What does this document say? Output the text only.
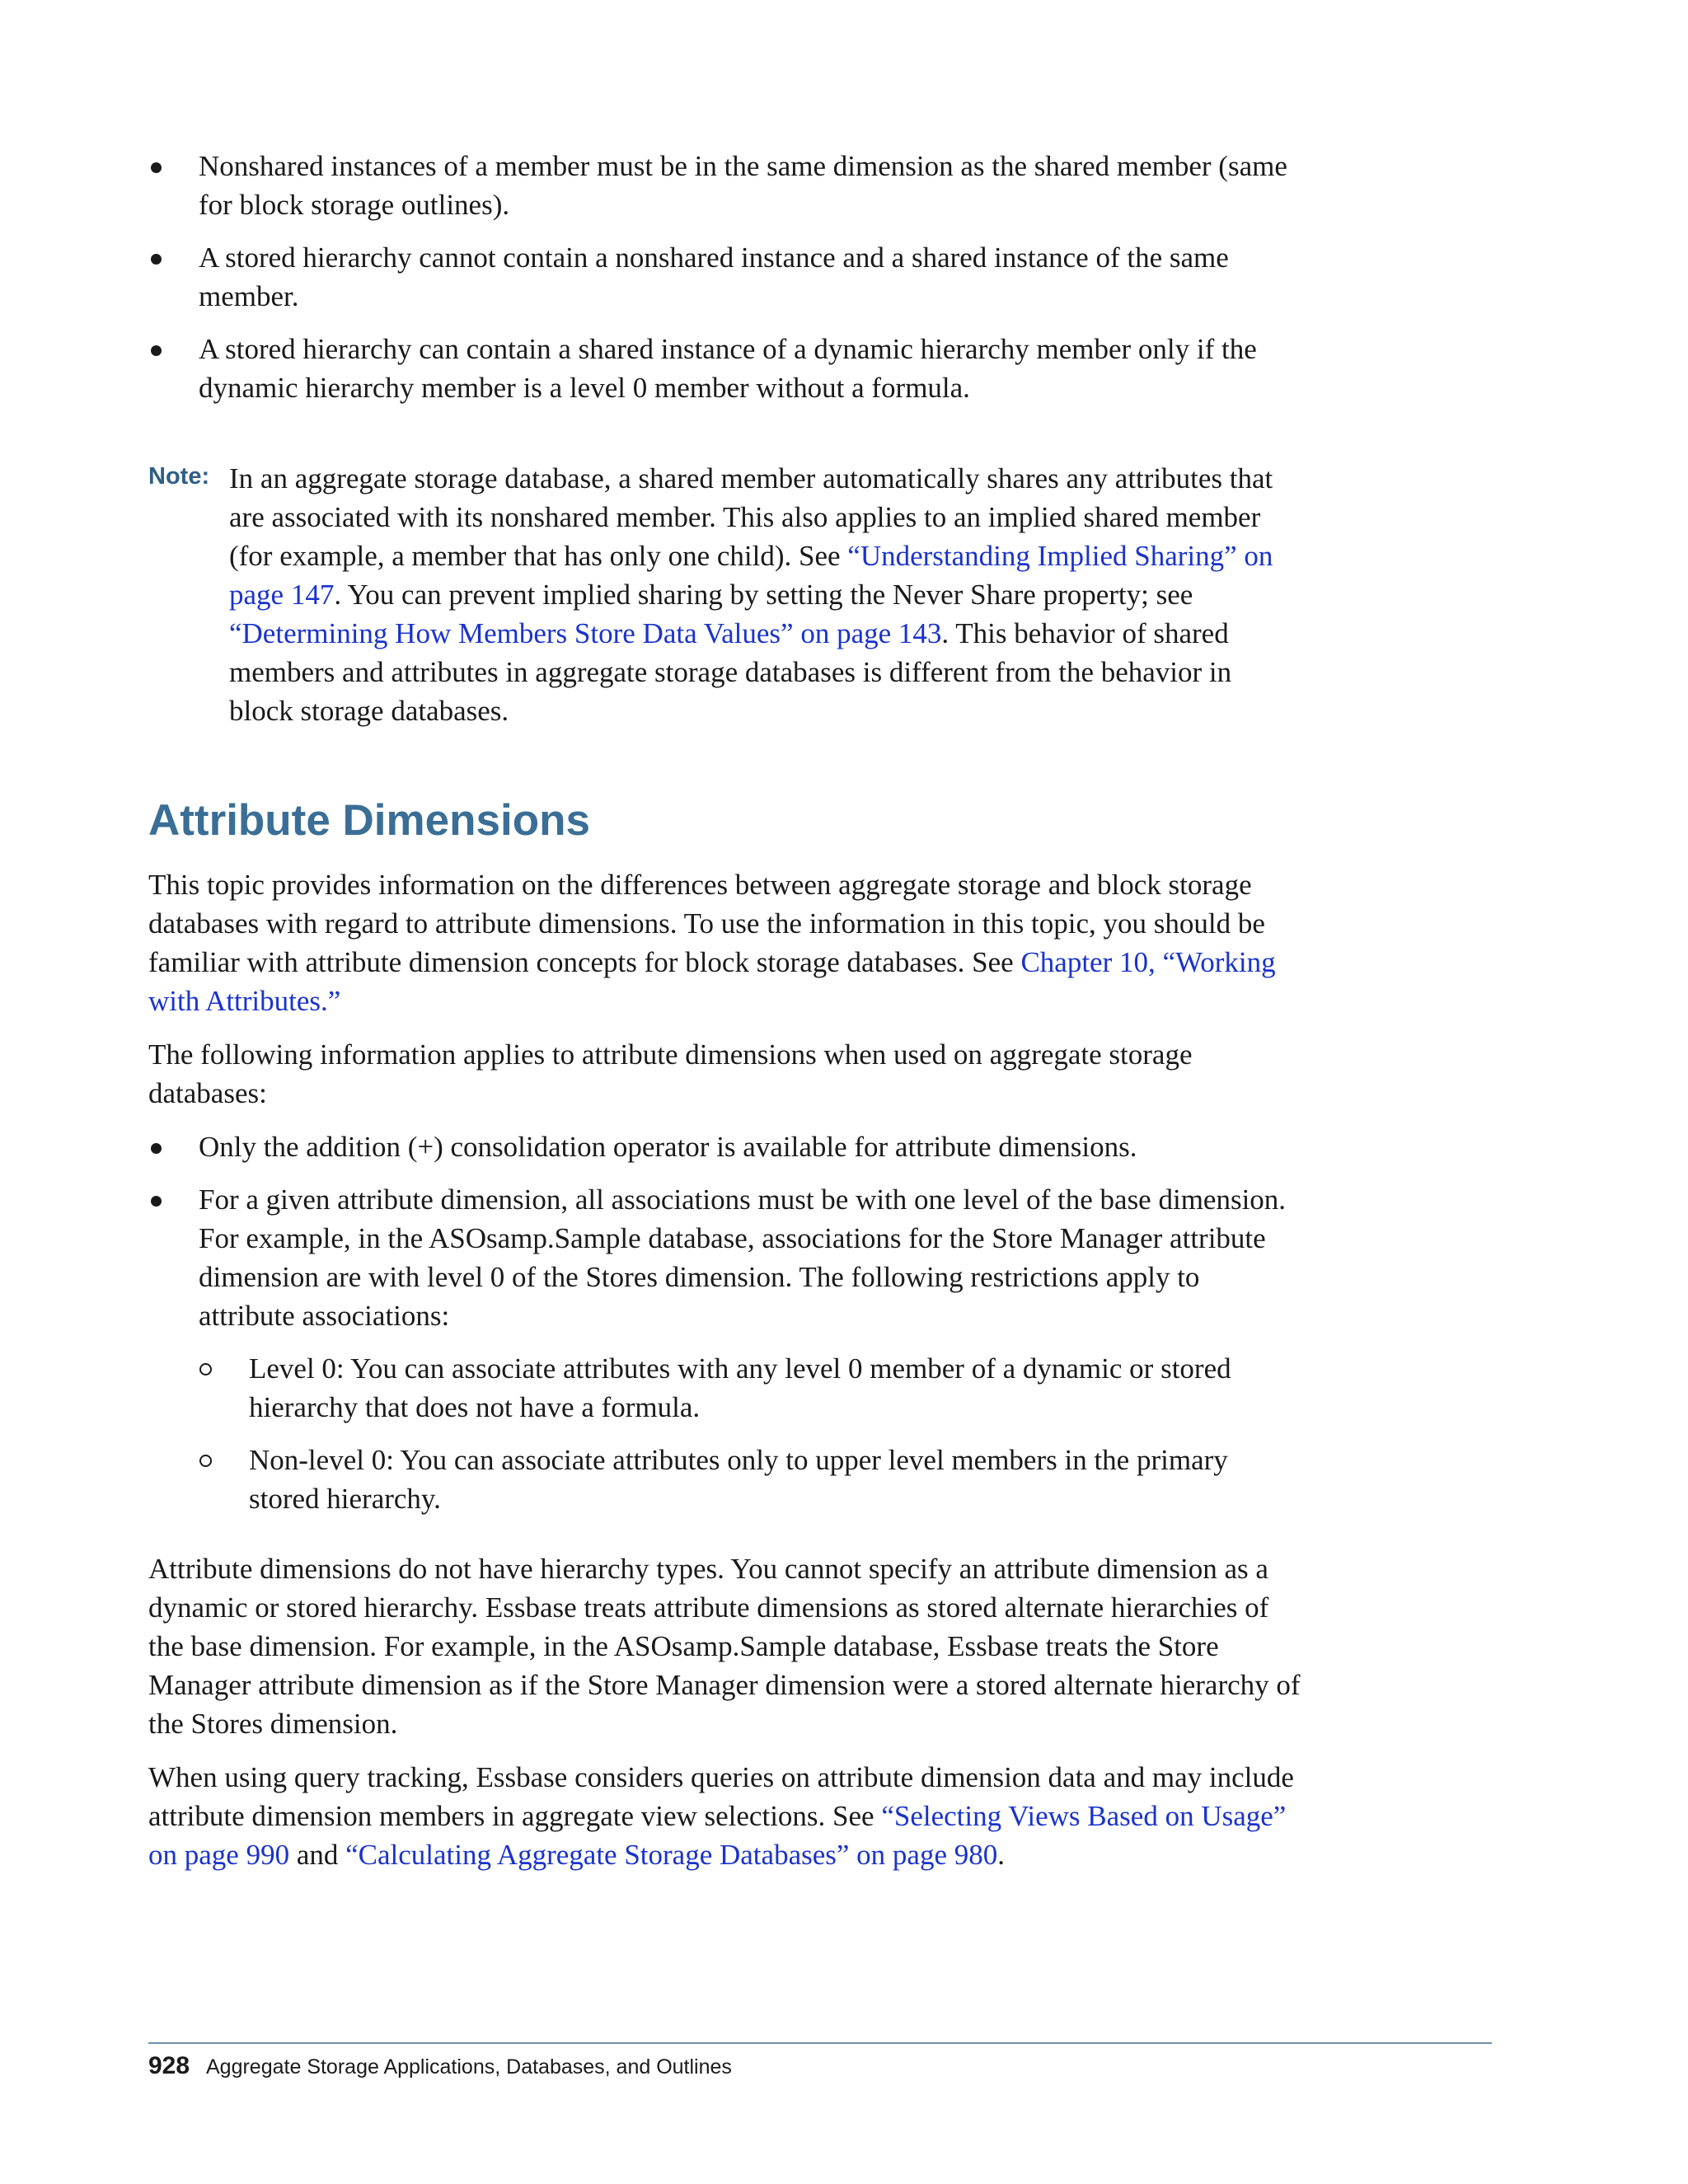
Nonshared instances of a member must be in the same dimension as the shared member (same for block storage outlines).
A stored hierarchy cannot contain a nonshared instance and a shared instance of the same member.
A stored hierarchy can contain a shared instance of a dynamic hierarchy member only if the dynamic hierarchy member is a level 0 member without a formula.
Note: In an aggregate storage database, a shared member automatically shares any attributes that are associated with its nonshared member. This also applies to an implied shared member (for example, a member that has only one child). See “Understanding Implied Sharing” on page 147. You can prevent implied sharing by setting the Never Share property; see “Determining How Members Store Data Values” on page 143. This behavior of shared members and attributes in aggregate storage databases is different from the behavior in block storage databases.
Attribute Dimensions

This topic provides information on the differences between aggregate storage and block storage databases with regard to attribute dimensions. To use the information in this topic, you should be familiar with attribute dimension concepts for block storage databases. See Chapter 10, “Working with Attributes.”

The following information applies to attribute dimensions when used on aggregate storage databases:

Only the addition (+) consolidation operator is available for attribute dimensions.
For a given attribute dimension, all associations must be with one level of the base dimension. For example, in the ASOsamp.Sample database, associations for the Store Manager attribute dimension are with level 0 of the Stores dimension. The following restrictions apply to attribute associations:
Level 0: You can associate attributes with any level 0 member of a dynamic or stored hierarchy that does not have a formula.
Non-level 0: You can associate attributes only to upper level members in the primary stored hierarchy.

Attribute dimensions do not have hierarchy types. You cannot specify an attribute dimension as a dynamic or stored hierarchy. Essbase treats attribute dimensions as stored alternate hierarchies of the base dimension. For example, in the ASOsamp.Sample database, Essbase treats the Store Manager attribute dimension as if the Store Manager dimension were a stored alternate hierarchy of the Stores dimension.

When using query tracking, Essbase considers queries on attribute dimension data and may include attribute dimension members in aggregate view selections. See “Selecting Views Based on Usage” on page 990 and “Calculating Aggregate Storage Databases” on page 980.

928 Aggregate Storage Applications, Databases, and Outlines
